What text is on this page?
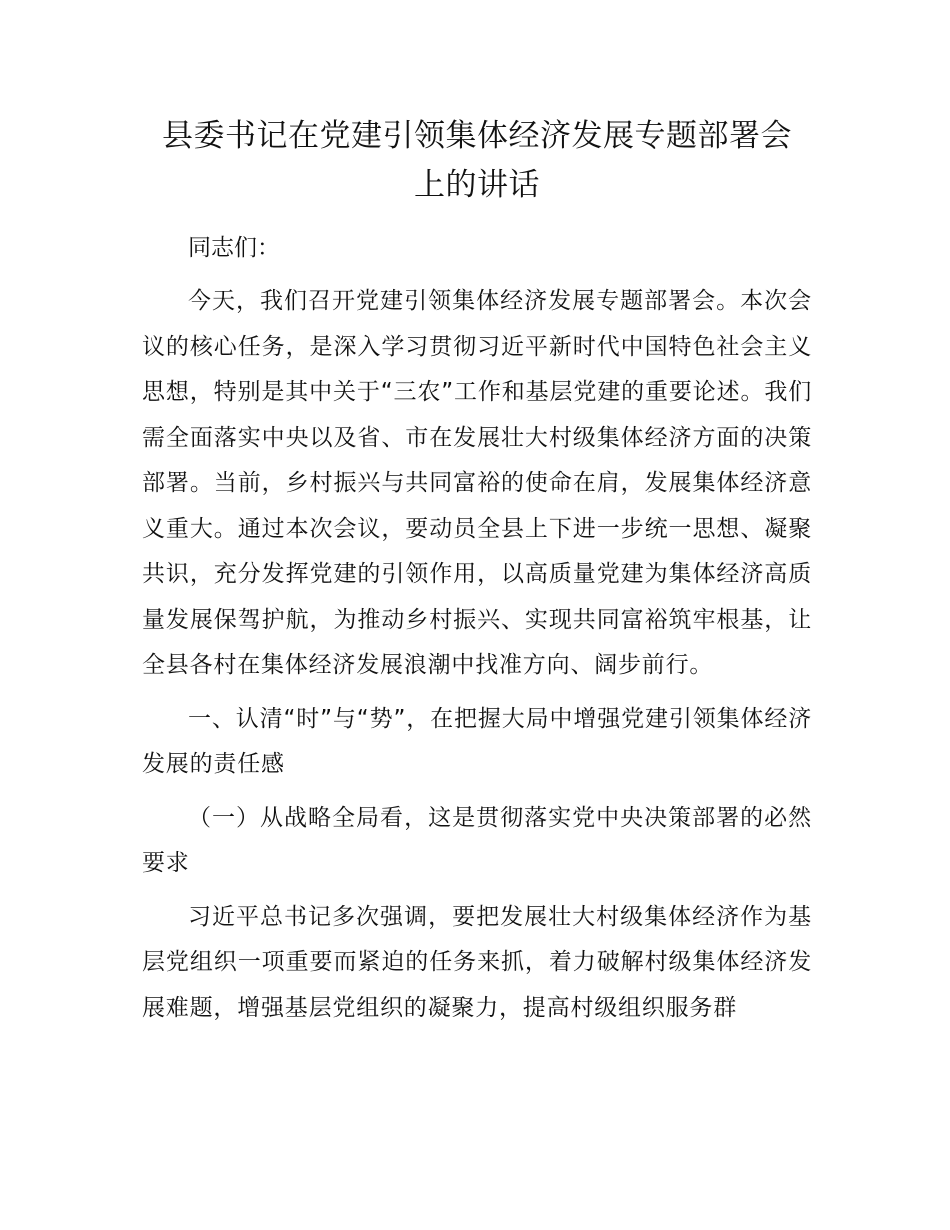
县委书记在党建引领集体经济发展专题部署会
上的讲话

同志们：

今天，我们召开党建引领集体经济发展专题部署会。本次会议的核心任务，是深入学习贯彻习近平新时代中国特色社会主义思想，特别是其中关于“三农”工作和基层党建的重要论述。我们需全面落实中央以及省、市在发展壮大村级集体经济方面的决策部署。当前，乡村振兴与共同富裕的使命在肩，发展集体经济意义重大。通过本次会议，要动员全县上下进一步统一思想、凝聚共识，充分发挥党建的引领作用，以高质量党建为集体经济高质量发展保驾护航，为推动乡村振兴、实现共同富裕筑牢根基，让全县各村在集体经济发展浪潮中找准方向、阔步前行。

一、认清“时”与“势”，在把握大局中增强党建引领集体经济发展的责任感

（一）从战略全局看，这是贯彻落实党中央决策部署的必然要求

习近平总书记多次强调，要把发展壮大村级集体经济作为基层党组织一项重要而紧迫的任务来抓，着力破解村级集体经济发展难题，增强基层党组织的凝聚力，提高村级组织服务群
